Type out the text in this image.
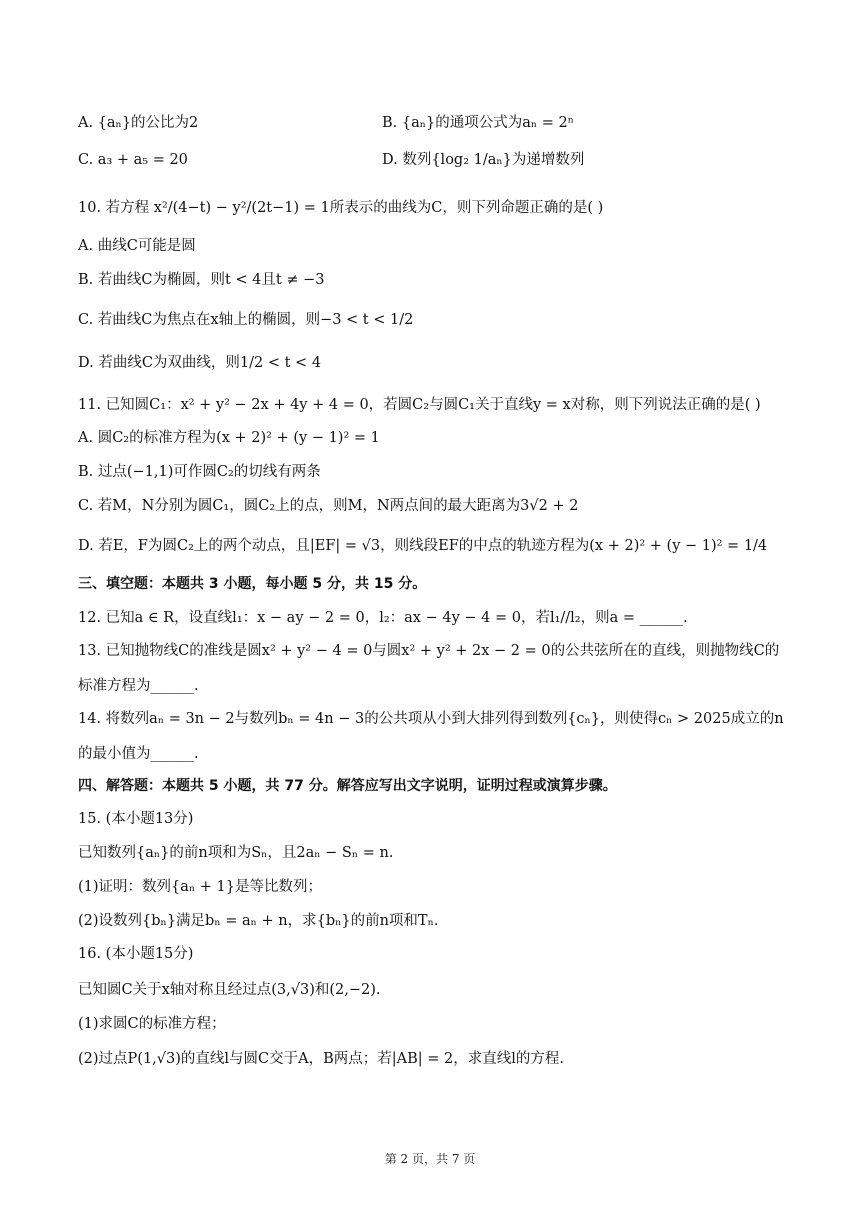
A. {aₙ}的公比为2	B. {aₙ}的通项公式为aₙ = 2ⁿ
C. a₃ + a₅ = 20	D. 数列{log₂ 1/aₙ}为递增数列
10. 若方程 x²/(4−t) − y²/(2t−1) = 1所表示的曲线为C，则下列命题正确的是( )
A. 曲线C可能是圆
B. 若曲线C为椭圆，则t < 4且t ≠ −3
C. 若曲线C为焦点在x轴上的椭圆，则−3 < t < 1/2
D. 若曲线C为双曲线，则1/2 < t < 4
11. 已知圆C₁：x² + y² − 2x + 4y + 4 = 0，若圆C₂与圆C₁关于直线y = x对称，则下列说法正确的是( )
A. 圆C₂的标准方程为(x + 2)² + (y − 1)² = 1
B. 过点(−1,1)可作圆C₂的切线有两条
C. 若M，N分别为圆C₁，圆C₂上的点，则M，N两点间的最大距离为3√2 + 2
D. 若E，F为圆C₂上的两个动点，且|EF| = √3，则线段EF的中点的轨迹方程为(x + 2)² + (y − 1)² = 1/4
三、填空题：本题共 3 小题，每小题 5 分，共 15 分。
12. 已知a ∈ R，设直线l₁：x − ay − 2 = 0，l₂：ax − 4y − 4 = 0，若l₁//l₂，则a = ______.
13. 已知抛物线C的准线是圆x² + y² − 4 = 0与圆x² + y² + 2x − 2 = 0的公共弦所在的直线，则抛物线C的
标准方程为______.
14. 将数列aₙ = 3n − 2与数列bₙ = 4n − 3的公共项从小到大排列得到数列{cₙ}，则使得cₙ > 2025成立的n
的最小值为______.
四、解答题：本题共 5 小题，共 77 分。解答应写出文字说明，证明过程或演算步骤。
15. (本小题13分)
已知数列{aₙ}的前n项和为Sₙ，且2aₙ − Sₙ = n.
(1)证明：数列{aₙ + 1}是等比数列；
(2)设数列{bₙ}满足bₙ = aₙ + n，求{bₙ}的前n项和Tₙ.
16. (本小题15分)
已知圆C关于x轴对称且经过点(3,√3)和(2,−2).
(1)求圆C的标准方程；
(2)过点P(1,√3)的直线l与圆C交于A，B两点；若|AB| = 2，求直线l的方程.
第 2 页，共 7 页
